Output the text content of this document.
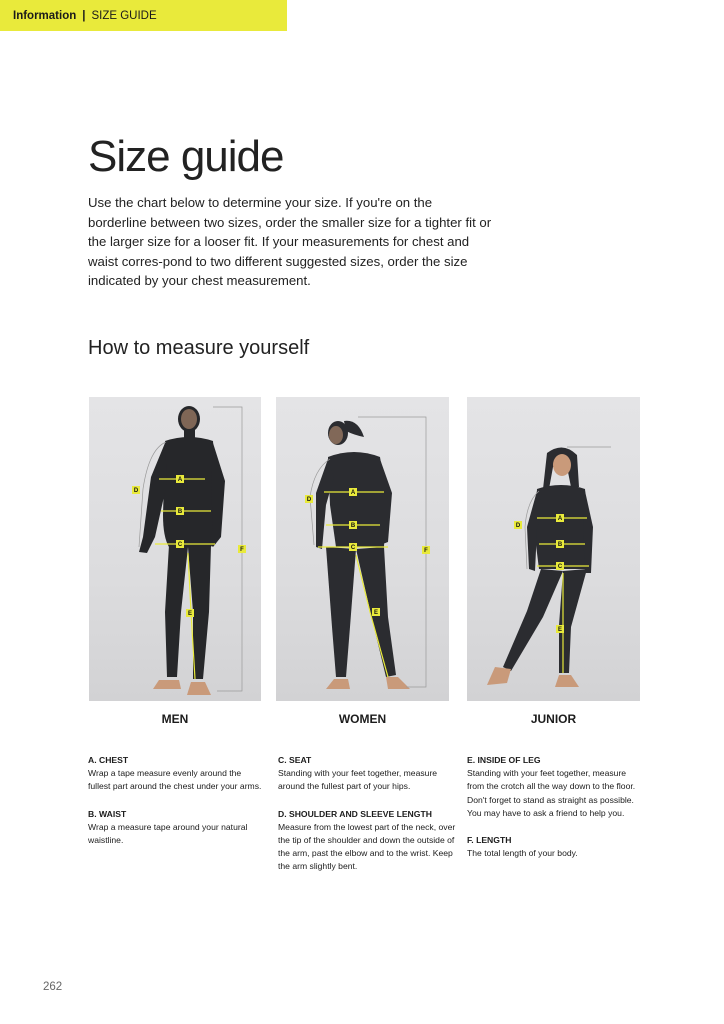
Information | SIZE GUIDE
Size guide

Use the chart below to determine your size. If you're on the borderline between two sizes, order the smaller size for a tighter fit or the larger size for a looser fit. If your measurements for chest and waist corres-pond to two different suggested sizes, order the size indicated by your chest measurement.

How to measure yourself
A
B
C
D
E
F
MEN
A
B
C
D
E
F
WOMEN
A
B
C
D
E
JUNIOR

A. CHEST
Wrap a tape measure evenly around the fullest part around the chest under your arms.

B. WAIST
Wrap a measure tape around your natural waistline.

C. SEAT
Standing with your feet together, measure around the fullest part of your hips.

D. SHOULDER AND SLEEVE LENGTH
Measure from the lowest part of the neck, over the tip of the shoulder and down the outside of the arm, past the elbow and to the wrist. Keep the arm slightly bent.

E. INSIDE OF LEG
Standing with your feet together, measure from the crotch all the way down to the floor. Don't forget to stand as straight as possible. You may have to ask a friend to help you.

F. LENGTH
The total length of your body.

262
